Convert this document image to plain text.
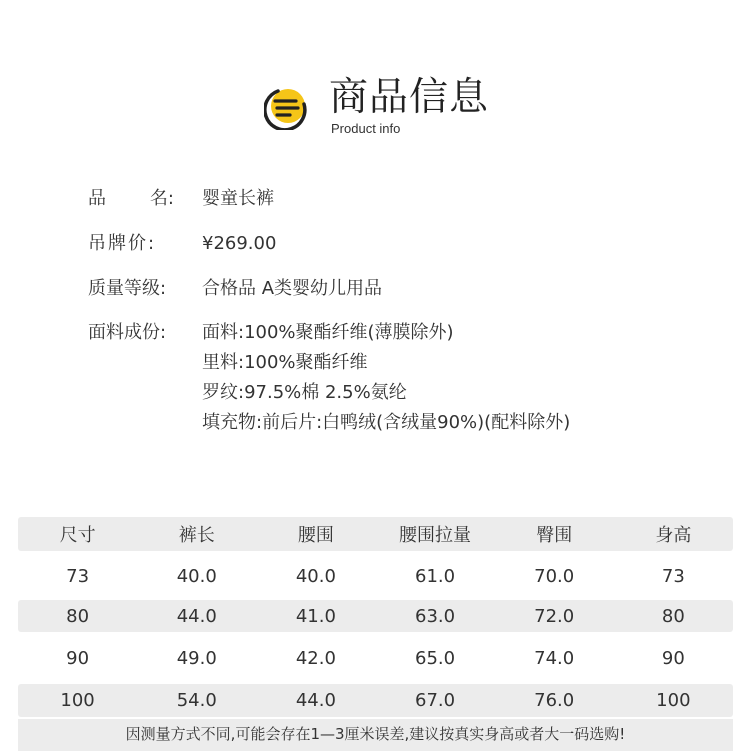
商品信息
Product info
品 名: 婴童长裤
吊牌价:	¥269.00
质量等级:	合格品 A类婴幼儿用品
面料成份:	面料:100%聚酯纤维(薄膜除外)
里料:100%聚酯纤维
罗纹:97.5%棉 2.5%氨纶
填充物:前后片:白鸭绒(含绒量90%)(配料除外)
尺寸	裤长	腰围	腰围拉量	臀围	身高
73	40.0	40.0	61.0	70.0	73
80	44.0	41.0	63.0	72.0	80
90	49.0	42.0	65.0	74.0	90
100	54.0	44.0	67.0	76.0	100
因测量方式不同,可能会存在1—3厘米误差,建议按真实身高或者大一码选购!
